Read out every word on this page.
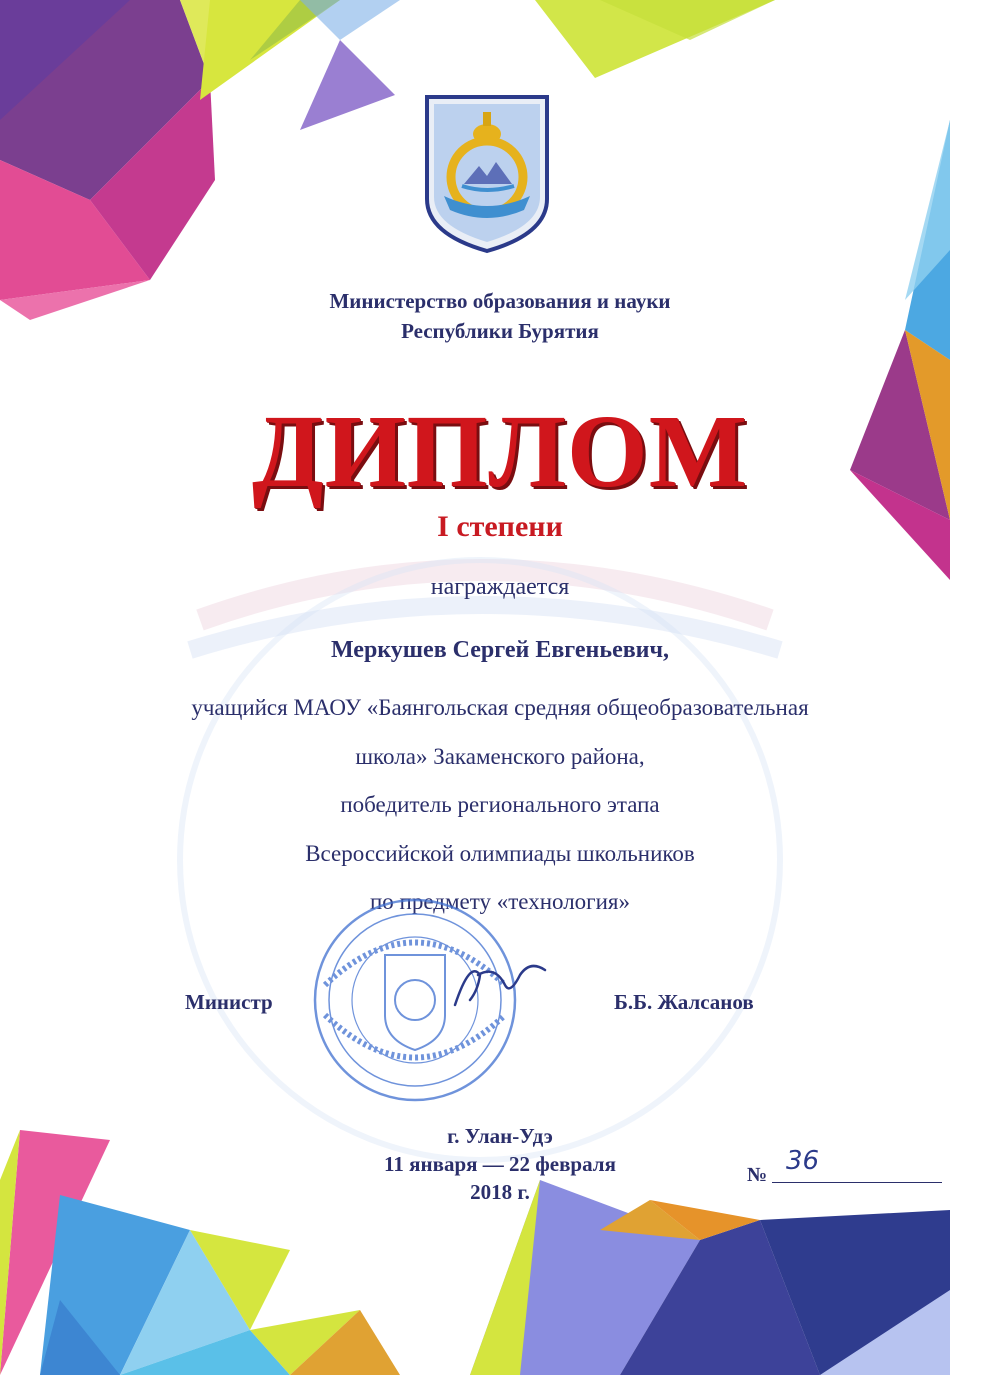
Министерство образования и науки
Республики Бурятия
ДИПЛОМ
I степени
награждается
Меркушев Сергей Евгеньевич,
учащийся МАОУ «Баянгольская средняя общеобразовательная
школа» Закаменского района,
победитель регионального этапа
Всероссийской олимпиады школьников
по предмету «технология»
Министр	Б.Б. Жалсанов
г. Улан-Удэ
11 января — 22 февраля
2018 г.
№ 36
